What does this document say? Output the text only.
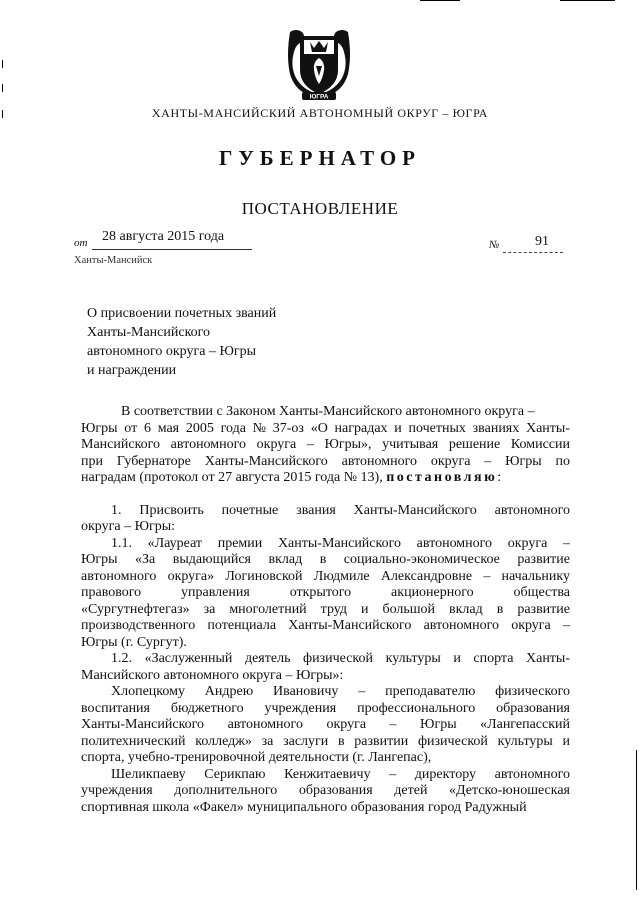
ЮГРА
ХАНТЫ-МАНСИЙСКИЙ АВТОНОМНЫЙ ОКРУГ – ЮГРА
ГУБЕРНАТОР
ПОСТАНОВЛЕНИЕ
от 28 августа 2015 года
№	91
Ханты-Мансийск
О присвоении почетных званий
Ханты-Мансийского
автономного округа – Югры
и награждении
В соответствии с Законом Ханты-Мансийского автономного округа –
Югры от 6 мая 2005 года № 37-оз «О наградах и почетных званиях Ханты-
Мансийского автономного округа – Югры», учитывая решение Комиссии
при Губернаторе Ханты-Мансийского автономного округа – Югры по
наградам (протокол от 27 августа 2015 года № 13), постановляю:
1. Присвоить почетные звания Ханты-Мансийского автономного
округа – Югры:
1.1. «Лауреат премии Ханты-Мансийского автономного округа –
Югры «За выдающийся вклад в социально-экономическое развитие
автономного округа» Логиновской Людмиле Александровне – начальнику
правового управления открытого акционерного общества
«Сургутнефтегаз» за многолетний труд и большой вклад в развитие
производственного потенциала Ханты-Мансийского автономного округа –
Югры (г. Сургут).
1.2. «Заслуженный деятель физической культуры и спорта Ханты-
Мансийского автономного округа – Югры»:
Хлопецкому Андрею Ивановичу – преподавателю физического
воспитания бюджетного учреждения профессионального образования
Ханты-Мансийского автономного округа – Югры «Лангепасский
политехнический колледж» за заслуги в развитии физической культуры и
спорта, учебно-тренировочной деятельности (г. Лангепас),
Шеликпаеву Серикпаю Кенжитаевичу – директору автономного
учреждения дополнительного образования детей «Детско-юношеская
спортивная школа «Факел» муниципального образования город Радужный
